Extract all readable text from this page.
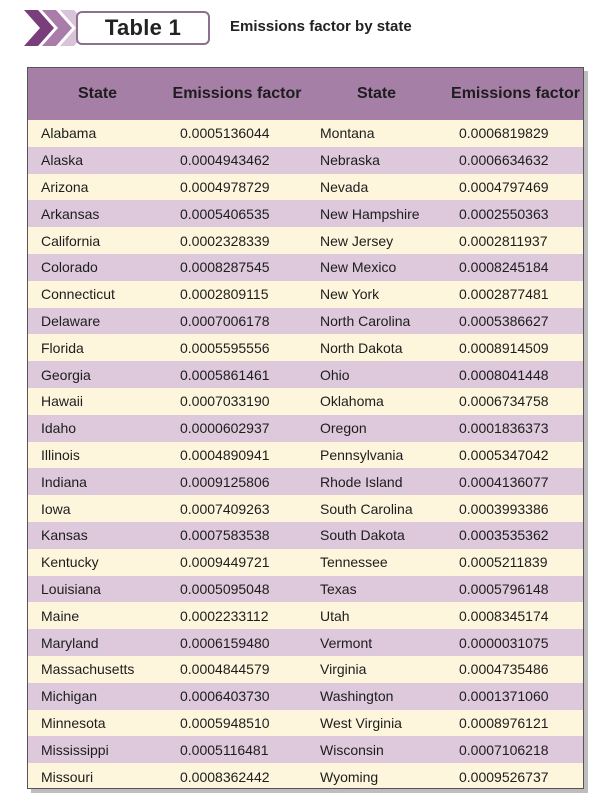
Table 1	Emissions factor by state
State	Emissions factor	State	Emissions factor
Alabama	0.0005136044	Montana	0.0006819829
Alaska	0.0004943462	Nebraska	0.0006634632
Arizona	0.0004978729	Nevada	0.0004797469
Arkansas	0.0005406535	New Hampshire	0.0002550363
California	0.0002328339	New Jersey	0.0002811937
Colorado	0.0008287545	New Mexico	0.0008245184
Connecticut	0.0002809115	New York	0.0002877481
Delaware	0.0007006178	North Carolina	0.0005386627
Florida	0.0005595556	North Dakota	0.0008914509
Georgia	0.0005861461	Ohio	0.0008041448
Hawaii	0.0007033190	Oklahoma	0.0006734758
Idaho	0.0000602937	Oregon	0.0001836373
Illinois	0.0004890941	Pennsylvania	0.0005347042
Indiana	0.0009125806	Rhode Island	0.0004136077
Iowa	0.0007409263	South Carolina	0.0003993386
Kansas	0.0007583538	South Dakota	0.0003535362
Kentucky	0.0009449721	Tennessee	0.0005211839
Louisiana	0.0005095048	Texas	0.0005796148
Maine	0.0002233112	Utah	0.0008345174
Maryland	0.0006159480	Vermont	0.0000031075
Massachusetts	0.0004844579	Virginia	0.0004735486
Michigan	0.0006403730	Washington	0.0001371060
Minnesota	0.0005948510	West Virginia	0.0008976121
Mississippi	0.0005116481	Wisconsin	0.0007106218
Missouri	0.0008362442	Wyoming	0.0009526737
